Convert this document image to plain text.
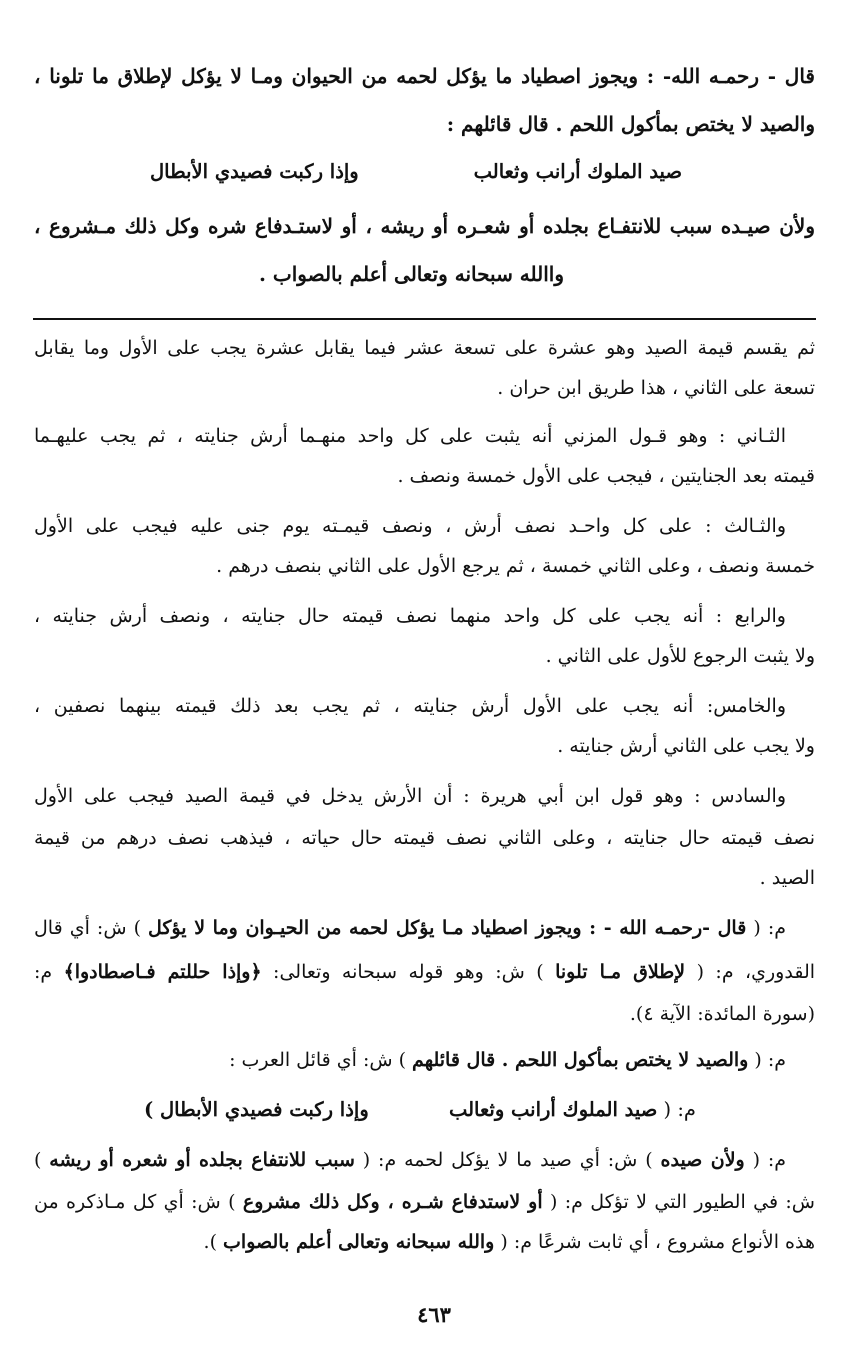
قال - رحمـه الله- : ويجوز اصطياد ما يؤكل لحمه من الحيوان ومـا لا يؤكل لإطلاق ما تلونا ،
والصيد لا يختص بمأكول اللحم . قال قائلهم :
صيد الملوك أرانب وثعالب
وإذا ركبت فصيدي الأبطال
ولأن صيـده سبب للانتفـاع بجلده أو شعـره أو ريشه ، أو لاستـدفاع شره وكل ذلك مـشروع ،
واالله سبحانه وتعالى أعلم بالصواب .
ثم يقسم قيمة الصيد وهو عشرة على تسعة عشر فيما يقابل عشرة يجب على الأول وما يقابل
تسعة على الثاني ، هذا طريق ابن حران .
الثـاني : وهو قـول المزني أنه يثبت على كل واحد منهـما أرش جنايته ، ثم يجب عليهـما
قيمته بعد الجنايتين ، فيجب على الأول خمسة ونصف .
والثـالث : على كل واحـد نصف أرش ، ونصف قيمـته يوم جنى عليه فيجب على الأول
خمسة ونصف ، وعلى الثاني خمسة ، ثم يرجع الأول على الثاني بنصف درهم .
والرابع : أنه يجب على كل واحد منهما نصف قيمته حال جنايته ، ونصف أرش جنايته ،
ولا يثبت الرجوع للأول على الثاني .
والخامس: أنه يجب على الأول أرش جنايته ، ثم يجب بعد ذلك قيمته بينهما نصفين ،
ولا يجب على الثاني أرش جنايته .
والسادس : وهو قول ابن أبي هريرة : أن الأرش يدخل في قيمة الصيد فيجب على الأول
نصف قيمته حال جنايته ، وعلى الثاني نصف قيمته حال حياته ، فيذهب نصف درهم من قيمة
الصيد .
م: ( قال -رحمـه الله - : ويجوز اصطياد مـا يؤكل لحمه من الحيـوان وما لا يؤكل ) ش: أي قال
القدوري، م: ( لإطلاق مـا تلونا ) ش: وهو قوله سبحانه وتعالى: ﴿وإذا حللتم فـاصطادوا﴾ م:
(سورة المائدة: الآية ٤).
م: ( والصيد لا يختص بمأكول اللحم . قال قائلهم ) ش: أي قائل العرب :
م: ( صيد الملوك أرانب وثعالب
وإذا ركبت فصيدي الأبطال )
م: ( ولأن صيده ) ش: أي صيد ما لا يؤكل لحمه م: ( سبب للانتفاع بجلده أو شعره أو ريشه )
ش: في الطيور التي لا تؤكل م: ( أو لاستدفاع شـره ، وكل ذلك مشروع ) ش: أي كل مـاذكره من
هذه الأنواع مشروع ، أي ثابت شرعًا م: ( والله سبحانه وتعالى أعلم بالصواب ).
٤٦٣
